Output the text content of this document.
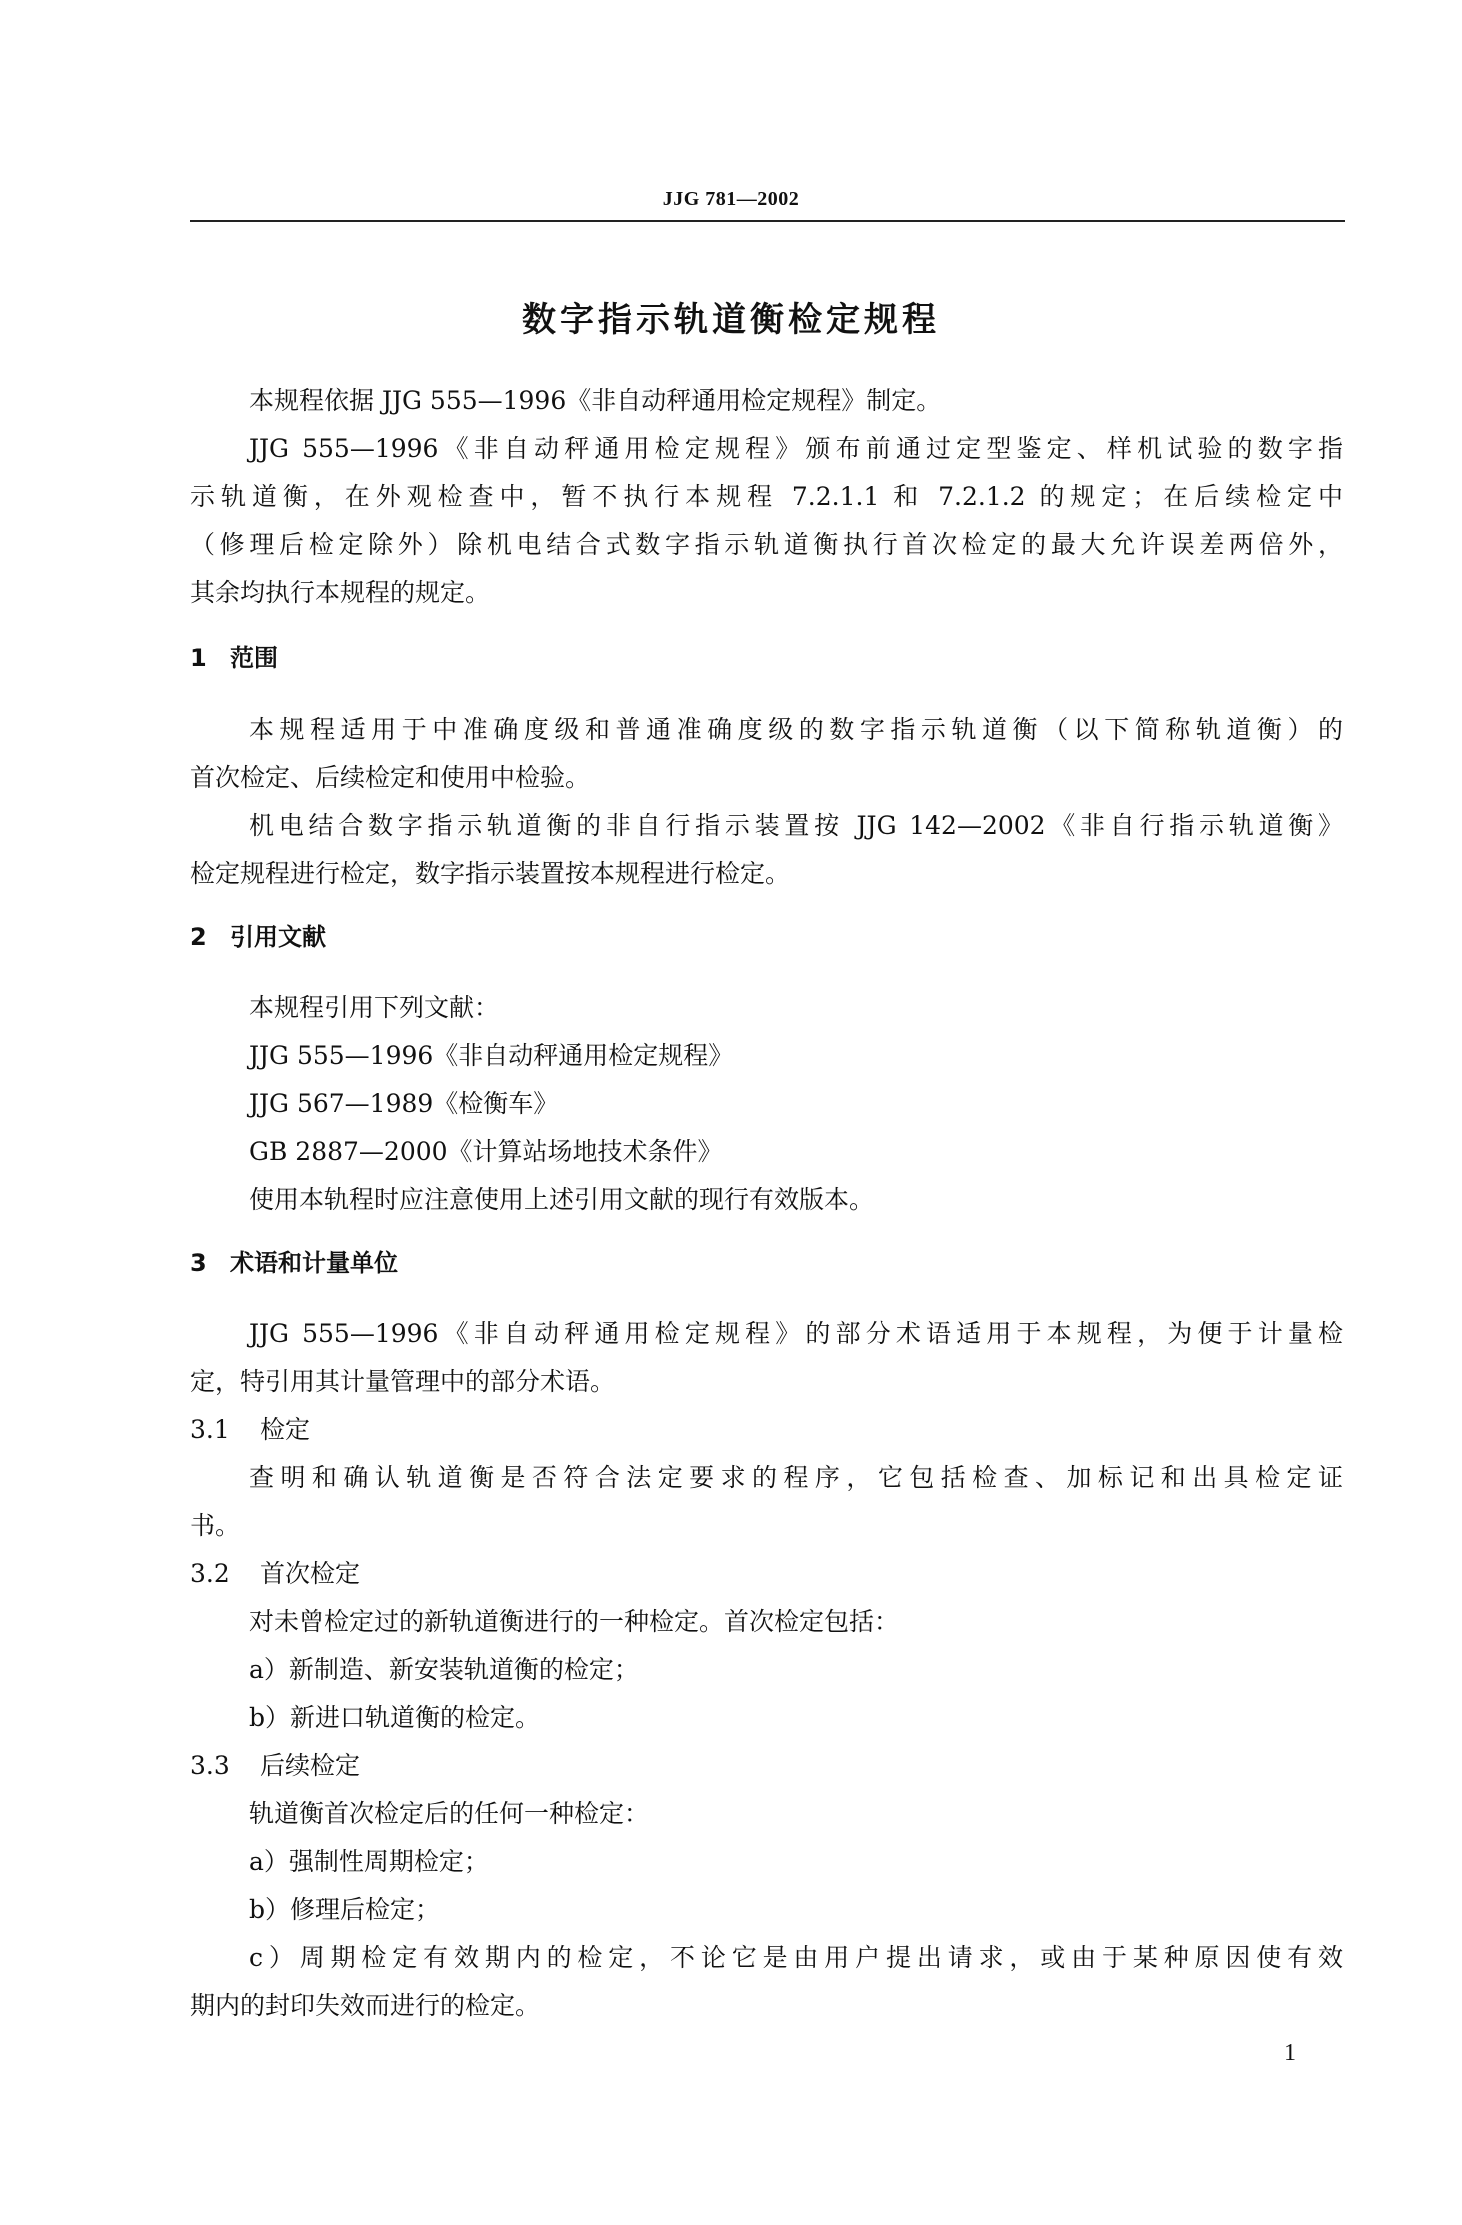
JJG 781—2002
数字指示轨道衡检定规程
本规程依据 JJG 555—1996《非自动秤通用检定规程》制定。
JJG 555—1996《非自动秤通用检定规程》颁布前通过定型鉴定、样机试验的数字指
示轨道衡，在外观检查中，暂不执行本规程 7.2.1.1 和 7.2.1.2 的规定；在后续检定中
（修理后检定除外）除机电结合式数字指示轨道衡执行首次检定的最大允许误差两倍外，
其余均执行本规程的规定。
1 范围
本规程适用于中准确度级和普通准确度级的数字指示轨道衡（以下简称轨道衡）的
首次检定、后续检定和使用中检验。
机电结合数字指示轨道衡的非自行指示装置按 JJG 142—2002《非自行指示轨道衡》
检定规程进行检定，数字指示装置按本规程进行检定。
2 引用文献
本规程引用下列文献：
JJG 555—1996《非自动秤通用检定规程》
JJG 567—1989《检衡车》
GB 2887—2000《计算站场地技术条件》
使用本轨程时应注意使用上述引用文献的现行有效版本。
3 术语和计量单位
JJG 555—1996《非自动秤通用检定规程》的部分术语适用于本规程，为便于计量检
定，特引用其计量管理中的部分术语。
3.1 检定
查明和确认轨道衡是否符合法定要求的程序，它包括检查、加标记和出具检定证
书。
3.2 首次检定
对未曾检定过的新轨道衡进行的一种检定。首次检定包括：
a）新制造、新安装轨道衡的检定；
b）新进口轨道衡的检定。
3.3 后续检定
轨道衡首次检定后的任何一种检定：
a）强制性周期检定；
b）修理后检定；
c）周期检定有效期内的检定，不论它是由用户提出请求，或由于某种原因使有效
期内的封印失效而进行的检定。
1
